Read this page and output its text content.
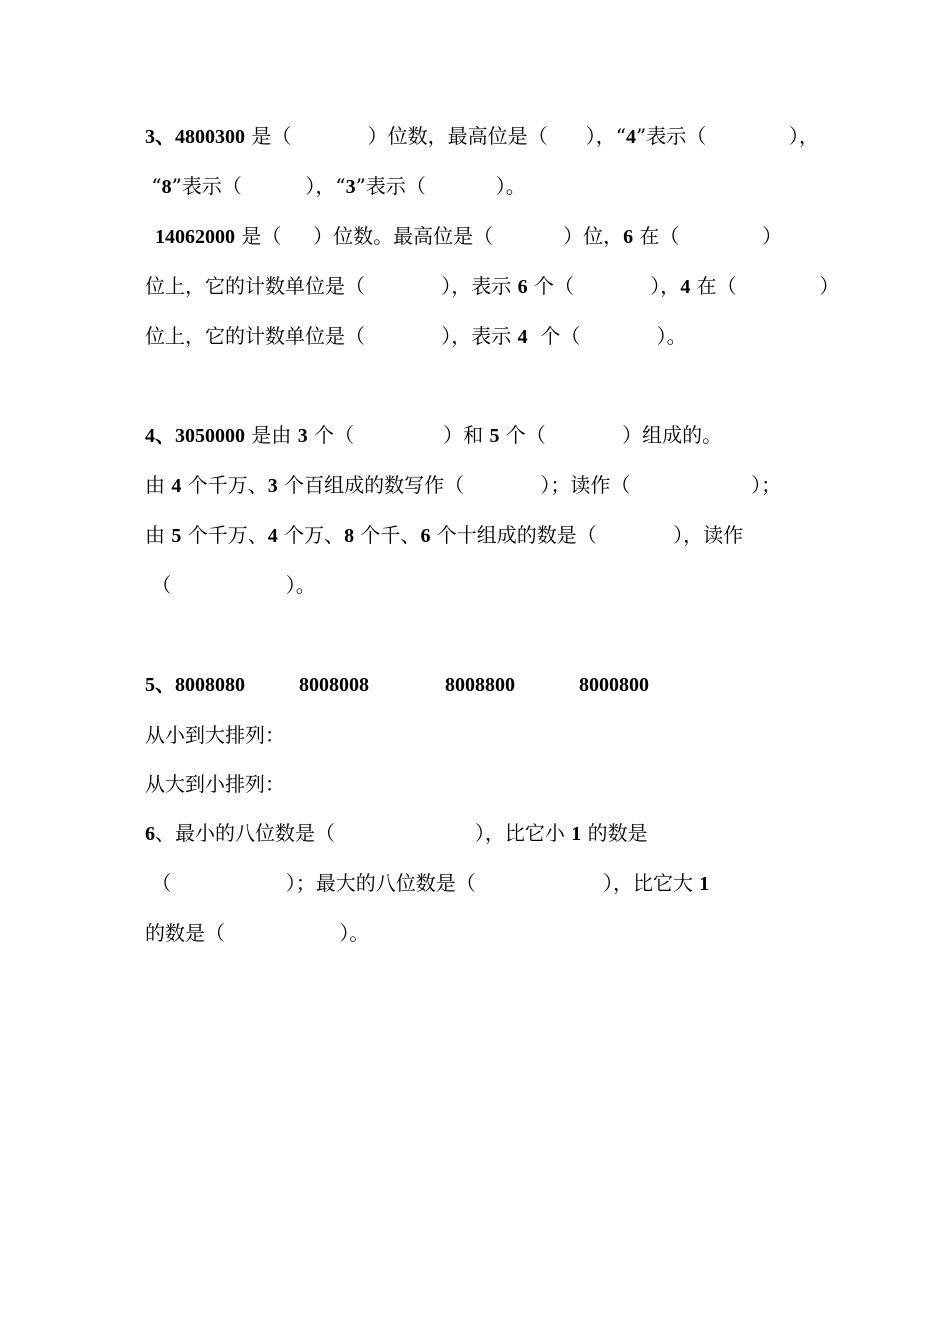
3、4800300 是（            ）位数，最高位是（      ），“4”表示（             ），
“8”表示（          ），“3”表示（           ）。
14062000 是（     ）位数。最高位是（           ）位，6 在（             ）
位上，它的计数单位是（            ），表示 6 个（            ），4 在（             ）
位上，它的计数单位是（            ），表示 4  个（            ）。
4、3050000 是由 3 个（              ）和 5 个（            ）组成的。
由 4 个千万、3 个百组成的数写作（            ）；读作（                   ）；
由 5 个千万、4 个万、8 个千、6 个十组成的数是（            ），读作
（                  ）。
5、8008080	8008008	8008800	8000800
从小到大排列：
从大到小排列：
6、最小的八位数是（                      ），比它小 1 的数是
（                  ）；最大的八位数是（                    ），比它大 1
的数是（                  ）。
